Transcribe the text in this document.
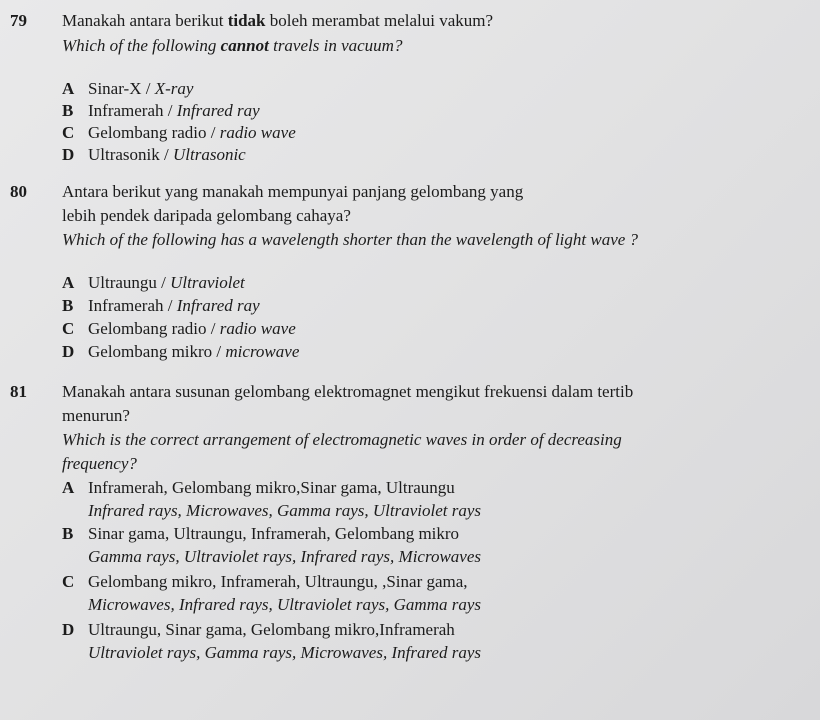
79 Manakah antara berikut tidak boleh merambat melalui vakum?
Which of the following cannot travels in vacuum?
A Sinar-X / X-ray
B Inframerah / Infrared ray
C Gelombang radio / radio wave
D Ultrasonik / Ultrasonic
80 Antara berikut yang manakah mempunyai panjang gelombang yang
lebih pendek daripada gelombang cahaya?
Which of the following has a wavelength shorter than the wavelength of light wave ?
A Ultraungu / Ultraviolet
B Inframerah / Infrared ray
C Gelombang radio / radio wave
D Gelombang mikro / microwave
81 Manakah antara susunan gelombang elektromagnet mengikut frekuensi dalam tertib
menurun?
Which is the correct arrangement of electromagnetic waves in order of decreasing
frequency?
A Inframerah, Gelombang mikro,Sinar gama, Ultraungu
Infrared rays, Microwaves, Gamma rays, Ultraviolet rays
B Sinar gama, Ultraungu, Inframerah, Gelombang mikro
Gamma rays, Ultraviolet rays, Infrared rays, Microwaves
C Gelombang mikro, Inframerah, Ultraungu, ,Sinar gama,
Microwaves, Infrared rays, Ultraviolet rays, Gamma rays
D Ultraungu, Sinar gama, Gelombang mikro,Inframerah
Ultraviolet rays, Gamma rays, Microwaves, Infrared rays
